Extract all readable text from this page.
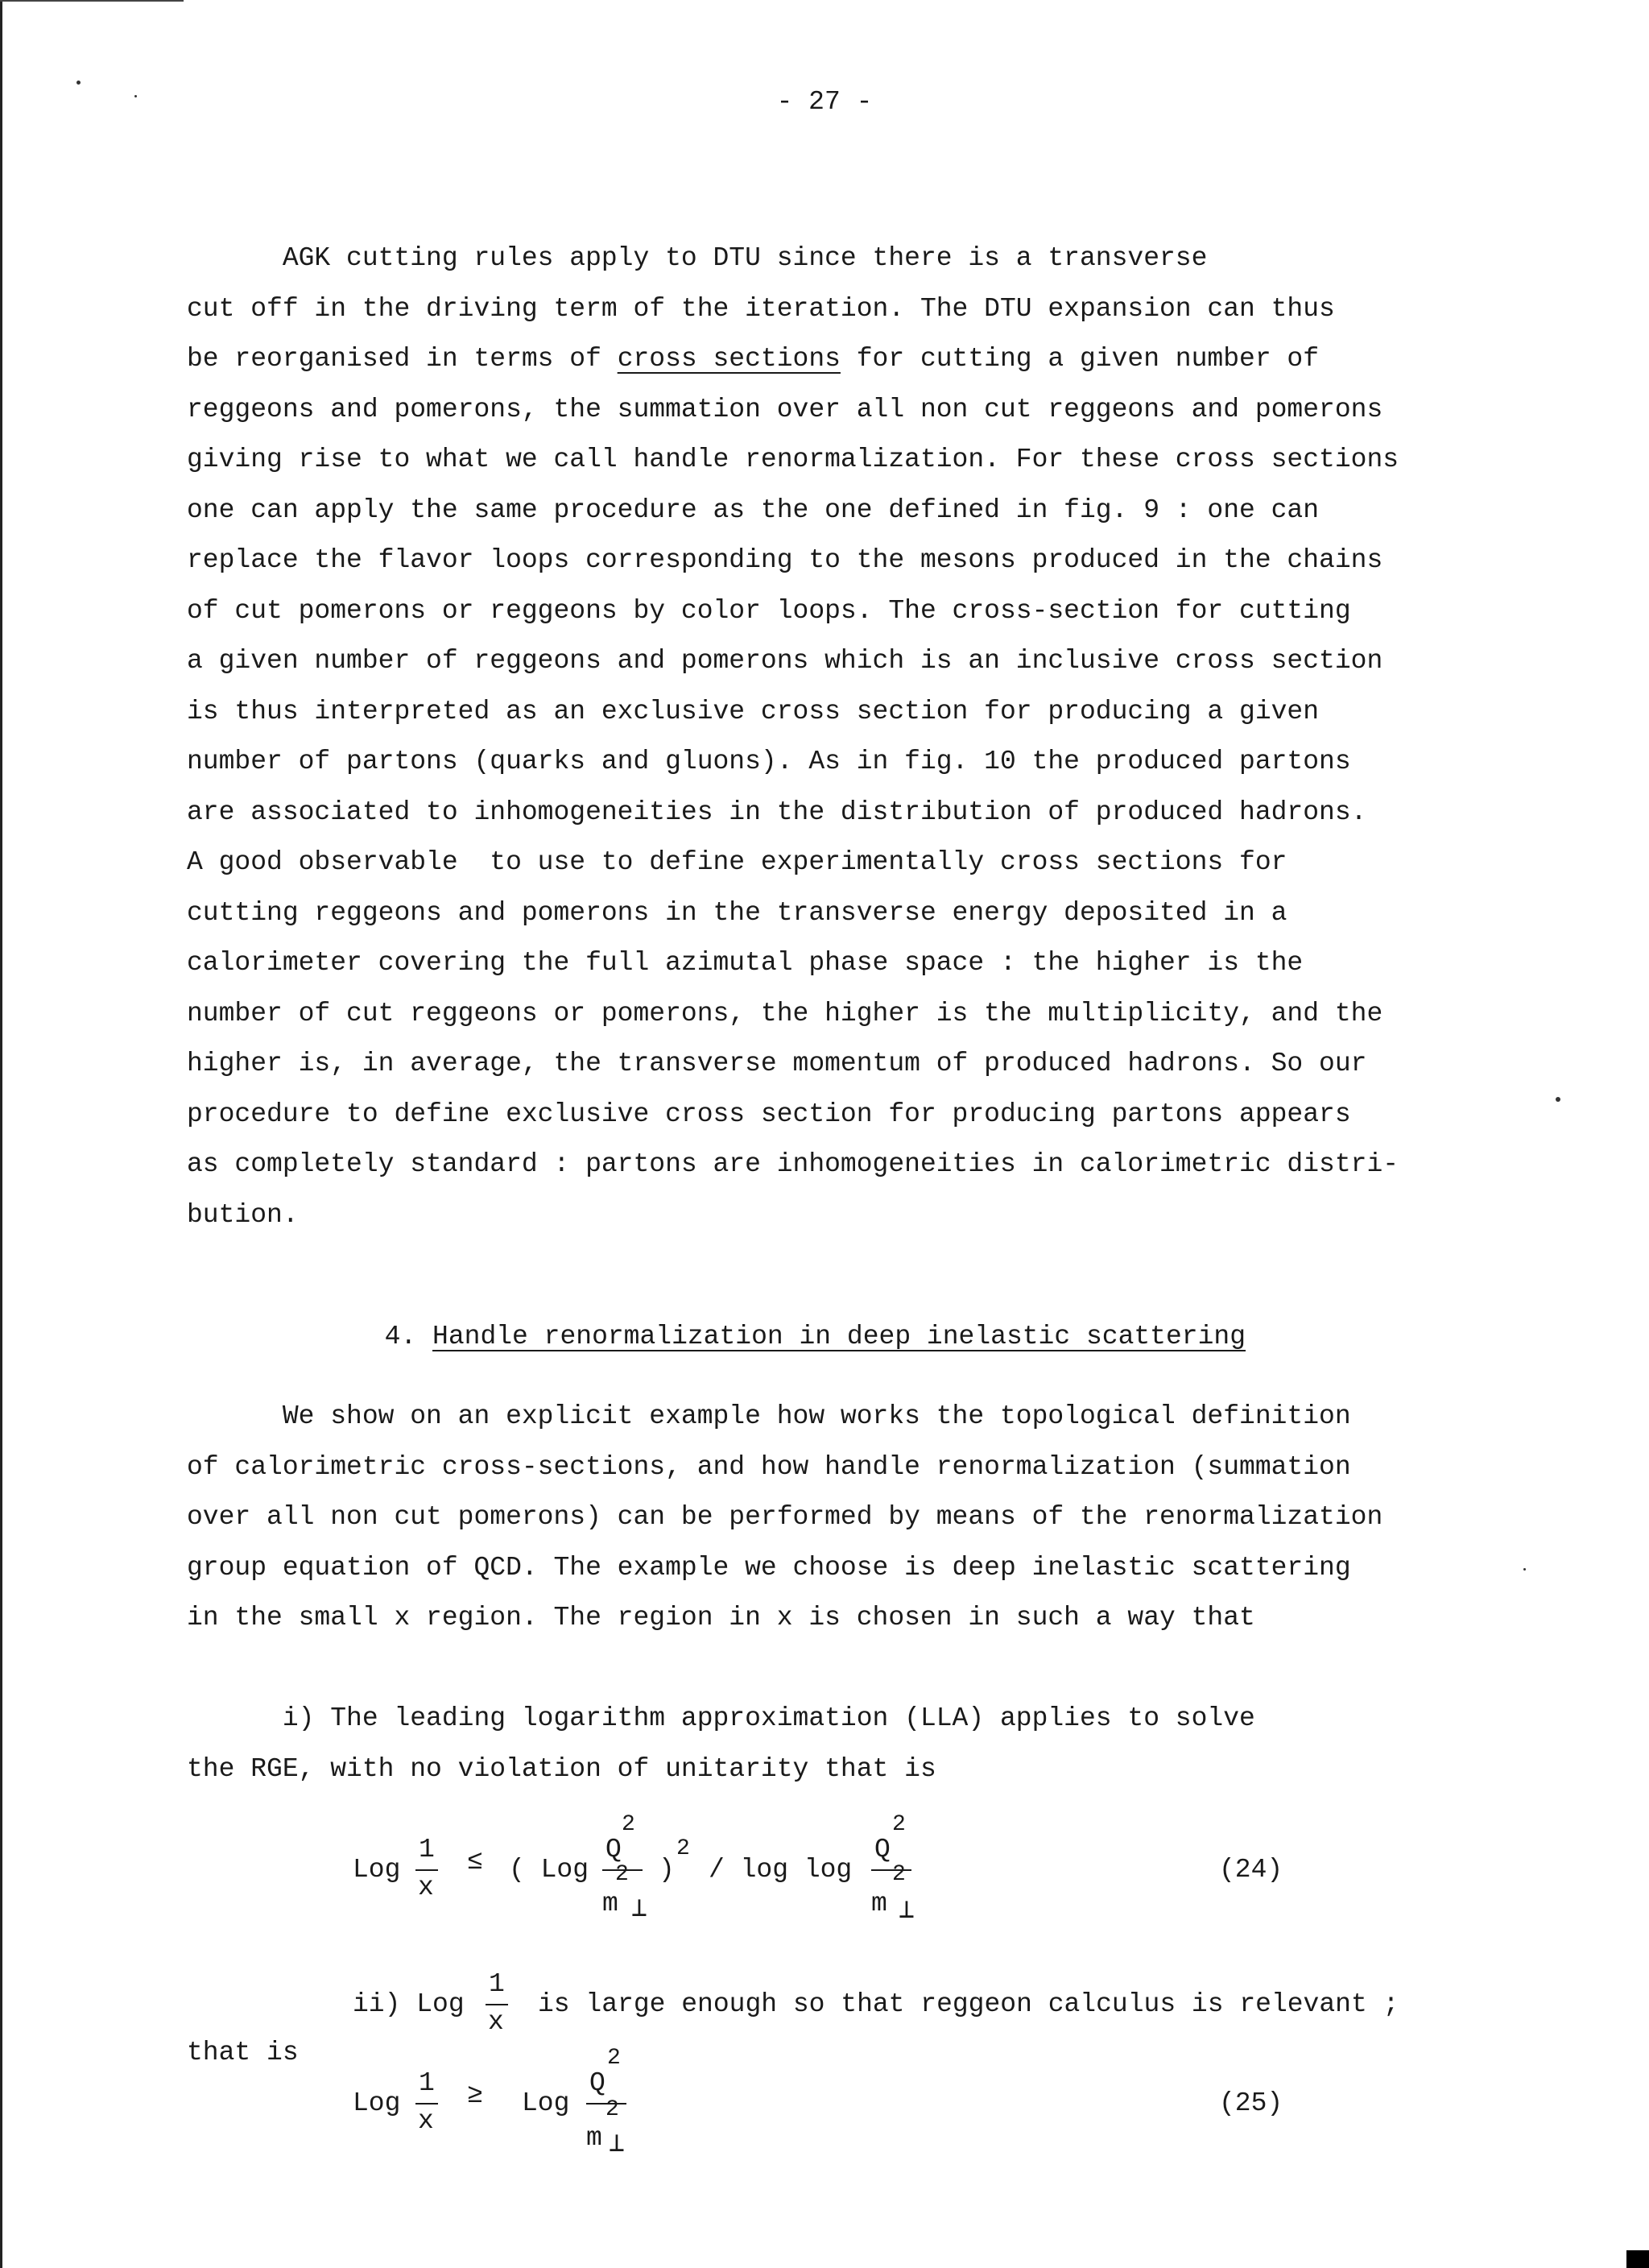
- 27 -
AGK cutting rules apply to DTU since there is a transverse
cut off in the driving term of the iteration. The DTU expansion can thus
be reorganised in terms of cross sections for cutting a given number of
reggeons and pomerons, the summation over all non cut reggeons and pomerons
giving rise to what we call handle renormalization. For these cross sections
one can apply the same procedure as the one defined in fig. 9 : one can
replace the flavor loops corresponding to the mesons produced in the chains
of cut pomerons or reggeons by color loops. The cross-section for cutting
a given number of reggeons and pomerons which is an inclusive cross section
is thus interpreted as an exclusive cross section for producing a given
number of partons (quarks and gluons). As in fig. 10 the produced partons
are associated to inhomogeneities in the distribution of produced hadrons.
A good observable  to use to define experimentally cross sections for
cutting reggeons and pomerons in the transverse energy deposited in a
calorimeter covering the full azimutal phase space : the higher is the
number of cut reggeons or pomerons, the higher is the multiplicity, and the
higher is, in average, the transverse momentum of produced hadrons. So our
procedure to define exclusive cross section for producing partons appears
as completely standard : partons are inhomogeneities in calorimetric distri-
bution.

4. Handle renormalization in deep inelastic scattering

We show on an explicit example how works the topological definition
of calorimetric cross-sections, and how handle renormalization (summation
over all non cut pomerons) can be performed by means of the renormalization
group equation of QCD. The example we choose is deep inelastic scattering
in the small x region. The region in x is chosen in such a way that
i) The leading logarithm approximation (LLA) applies to solve
the RGE, with no violation of unitarity that is
Log
1
x
≤ ( Log
Q
2
2
m ⊥
)
2
/ log log
Q
2
2
m ⊥
(24)
ii) Log
1
x
is large enough so that reggeon calculus is relevant ;
that is
Log
1
x
≥ Log
Q
2
2
m ⊥
(25)
